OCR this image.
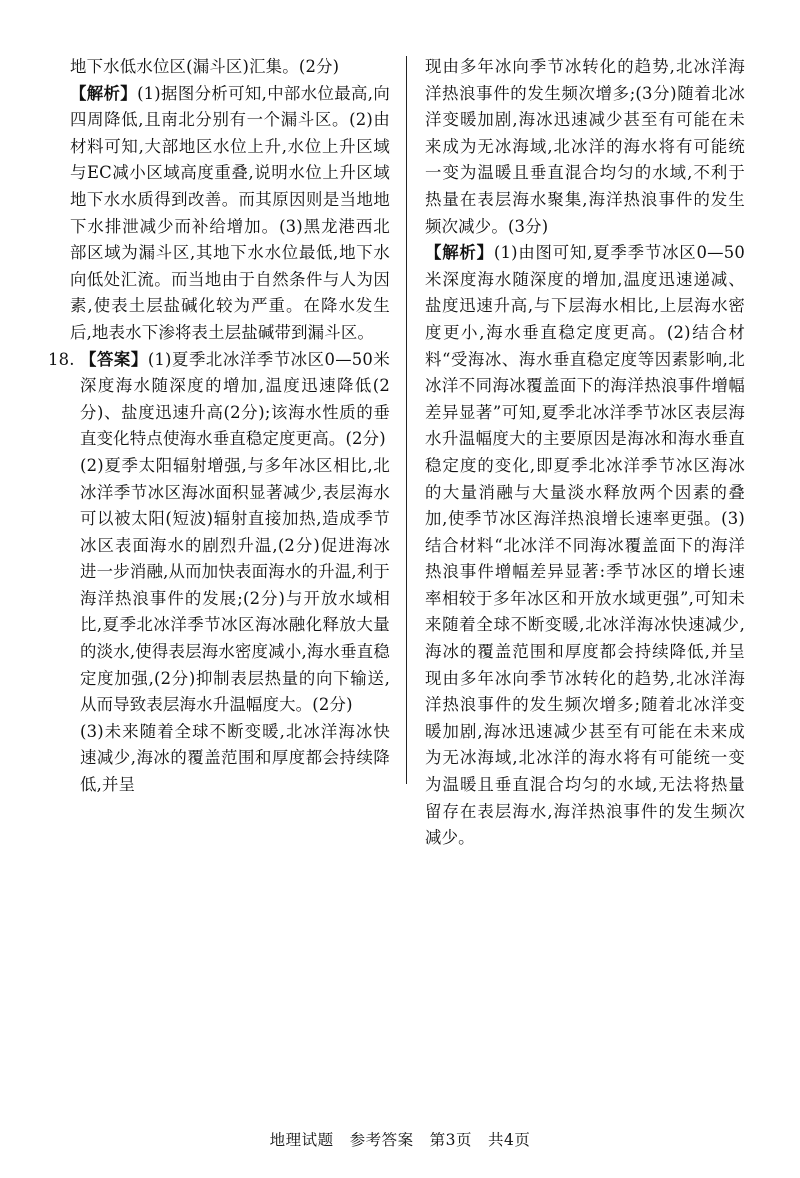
地下水低水位区(漏斗区)汇集。(2分)

【解析】(1)据图分析可知,中部水位最高,向四周降低,且南北分别有一个漏斗区。(2)由材料可知,大部地区水位上升,水位上升区域与EC减小区域高度重叠,说明水位上升区域地下水水质得到改善。而其原因则是当地地下水排泄减少而补给增加。(3)黑龙港西北部区域为漏斗区,其地下水水位最低,地下水向低处汇流。而当地由于自然条件与人为因素,使表土层盐碱化较为严重。在降水发生后,地表水下渗将表土层盐碱带到漏斗区。

18. 【答案】(1)夏季北冰洋季节冰区0—50米深度海水随深度的增加,温度迅速降低(2分)、盐度迅速升高(2分);该海水性质的垂直变化特点使海水垂直稳定度更高。(2分)

(2)夏季太阳辐射增强,与多年冰区相比,北冰洋季节冰区海冰面积显著减少,表层海水可以被太阳(短波)辐射直接加热,造成季节冰区表面海水的剧烈升温,(2分)促进海冰进一步消融,从而加快表面海水的升温,利于海洋热浪事件的发展;(2分)与开放水域相比,夏季北冰洋季节冰区海冰融化释放大量的淡水,使得表层海水密度减小,海水垂直稳定度加强,(2分)抑制表层热量的向下输送,从而导致表层海水升温幅度大。(2分)

(3)未来随着全球不断变暖,北冰洋海冰快速减少,海冰的覆盖范围和厚度都会持续降低,并呈

现由多年冰向季节冰转化的趋势,北冰洋海洋热浪事件的发生频次增多;(3分)随着北冰洋变暖加剧,海冰迅速减少甚至有可能在未来成为无冰海域,北冰洋的海水将有可能统一变为温暖且垂直混合均匀的水域,不利于热量在表层海水聚集,海洋热浪事件的发生频次减少。(3分)

【解析】(1)由图可知,夏季季节冰区0—50米深度海水随深度的增加,温度迅速递减、盐度迅速升高,与下层海水相比,上层海水密度更小,海水垂直稳定度更高。(2)结合材料“受海冰、海水垂直稳定度等因素影响,北冰洋不同海冰覆盖面下的海洋热浪事件增幅差异显著”可知,夏季北冰洋季节冰区表层海水升温幅度大的主要原因是海冰和海水垂直稳定度的变化,即夏季北冰洋季节冰区海冰的大量消融与大量淡水释放两个因素的叠加,使季节冰区海洋热浪增长速率更强。(3)结合材料“北冰洋不同海冰覆盖面下的海洋热浪事件增幅差异显著:季节冰区的增长速率相较于多年冰区和开放水域更强”,可知未来随着全球不断变暖,北冰洋海冰快速减少,海冰的覆盖范围和厚度都会持续降低,并呈现由多年冰向季节冰转化的趋势,北冰洋海洋热浪事件的发生频次增多;随着北冰洋变暖加剧,海冰迅速减少甚至有可能在未来成为无冰海域,北冰洋的海水将有可能统一变为温暖且垂直混合均匀的水域,无法将热量留存在表层海水,海洋热浪事件的发生频次减少。

地理试题　参考答案　第3页　共4页
